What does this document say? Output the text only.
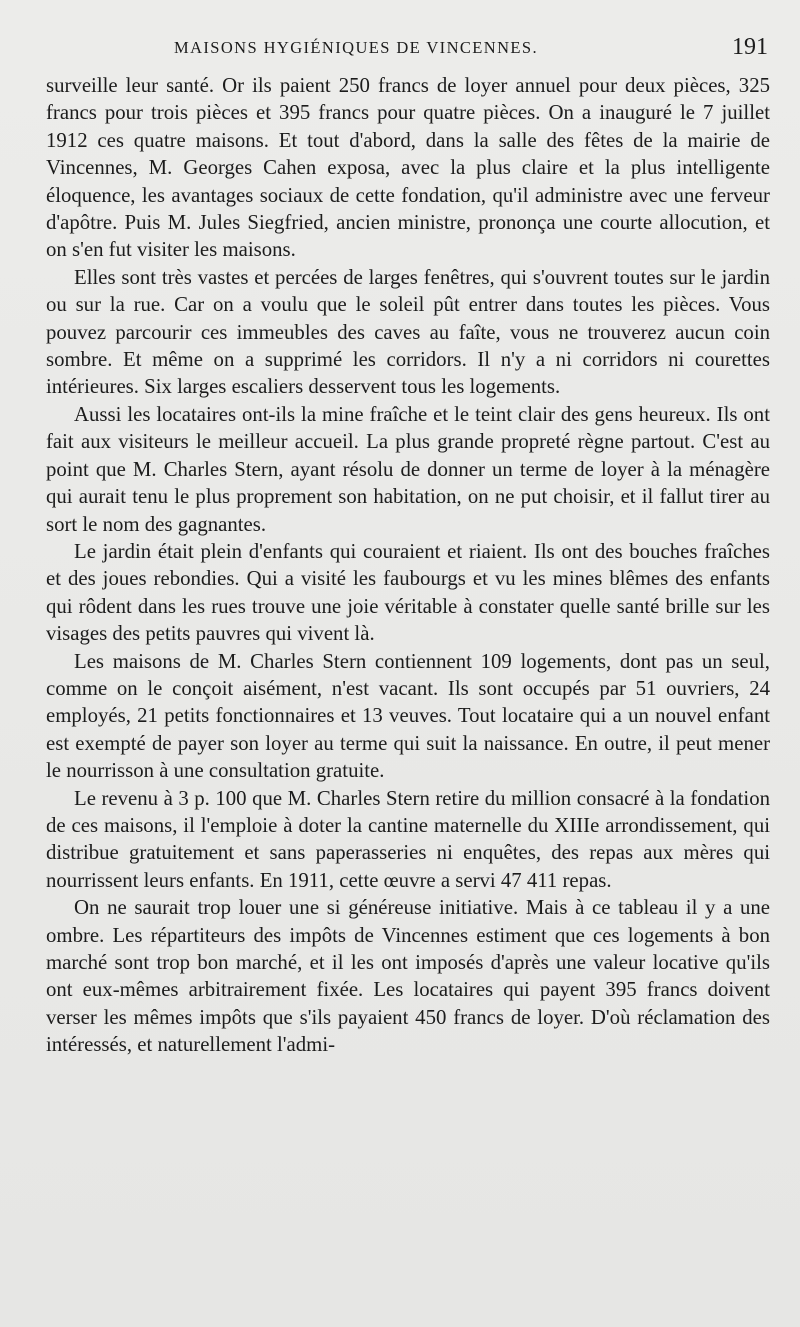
MAISONS HYGIÉNIQUES DE VINCENNES.	191

surveille leur santé. Or ils paient 250 francs de loyer annuel pour deux pièces, 325 francs pour trois pièces et 395 francs pour quatre pièces. On a inauguré le 7 juillet 1912 ces quatre maisons. Et tout d'abord, dans la salle des fêtes de la mairie de Vincennes, M. Georges Cahen exposa, avec la plus claire et la plus intelligente éloquence, les avantages sociaux de cette fondation, qu'il administre avec une ferveur d'apôtre. Puis M. Jules Siegfried, ancien ministre, prononça une courte allocution, et on s'en fut visiter les maisons.

Elles sont très vastes et percées de larges fenêtres, qui s'ouvrent toutes sur le jardin ou sur la rue. Car on a voulu que le soleil pût entrer dans toutes les pièces. Vous pouvez parcourir ces immeubles des caves au faîte, vous ne trouverez aucun coin sombre. Et même on a supprimé les corridors. Il n'y a ni corridors ni courettes intérieures. Six larges escaliers desservent tous les logements.

Aussi les locataires ont-ils la mine fraîche et le teint clair des gens heureux. Ils ont fait aux visiteurs le meilleur accueil. La plus grande propreté règne partout. C'est au point que M. Charles Stern, ayant résolu de donner un terme de loyer à la ménagère qui aurait tenu le plus proprement son habitation, on ne put choisir, et il fallut tirer au sort le nom des gagnantes.

Le jardin était plein d'enfants qui couraient et riaient. Ils ont des bouches fraîches et des joues rebondies. Qui a visité les faubourgs et vu les mines blêmes des enfants qui rôdent dans les rues trouve une joie véritable à constater quelle santé brille sur les visages des petits pauvres qui vivent là.

Les maisons de M. Charles Stern contiennent 109 logements, dont pas un seul, comme on le conçoit aisément, n'est vacant. Ils sont occupés par 51 ouvriers, 24 employés, 21 petits fonctionnaires et 13 veuves. Tout locataire qui a un nouvel enfant est exempté de payer son loyer au terme qui suit la naissance. En outre, il peut mener le nourrisson à une consultation gratuite.

Le revenu à 3 p. 100 que M. Charles Stern retire du million consacré à la fondation de ces maisons, il l'emploie à doter la cantine maternelle du XIIIe arrondissement, qui distribue gratuitement et sans paperasseries ni enquêtes, des repas aux mères qui nourrissent leurs enfants. En 1911, cette œuvre a servi 47 411 repas.

On ne saurait trop louer une si généreuse initiative. Mais à ce tableau il y a une ombre. Les répartiteurs des impôts de Vincennes estiment que ces logements à bon marché sont trop bon marché, et il les ont imposés d'après une valeur locative qu'ils ont eux-mêmes arbitrairement fixée. Les locataires qui payent 395 francs doivent verser les mêmes impôts que s'ils payaient 450 francs de loyer. D'où réclamation des intéressés, et naturellement l'admi-
